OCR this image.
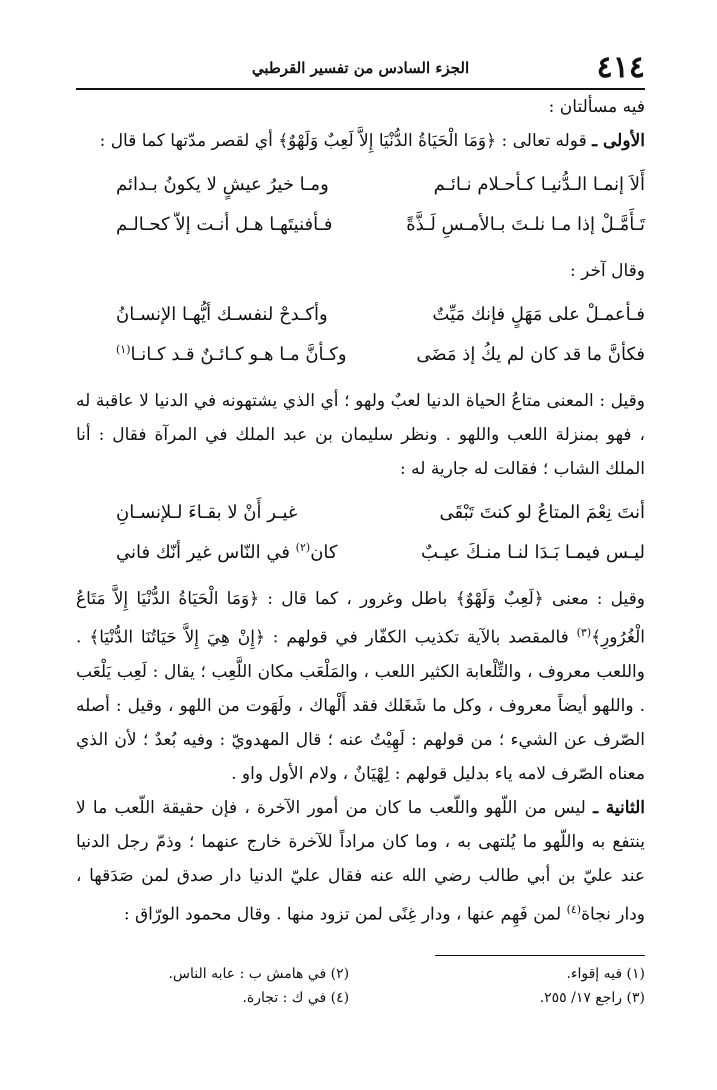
٤١٤
الجزء السادس من تفسير القرطبي

فيه مسألتان :

الأولى ـ قوله تعالى : ﴿وَمَا الْحَيَاةُ الدُّنْيَا إِلاَّ لَعِبٌ وَلَهْوٌ﴾ أي لقصر مدّتها كما قال :

أَلاَ إنمـا الـدُّنيـا كـأحـلام نـائـم
ومـا خيرُ عيشٍ لا يكونُ بـدائم
تَـأَمَّـلْ إذا مـا نلـتَ بـالأمـسِ لَـذَّةً
فـأفنيتَهـا هـل أنـت إلاّ كحـالـم

وقال آخر :

فـأعمـلْ على مَهَلٍ فإنك مَيِّتٌ
وأكـدحْ لنفسـك أيُّهـا الإنسـانُ
فكأنَّ ما قد كان لم يكُ إذ مَضَى
وكـأنَّ مـا هـو كـائـنٌ قـد كـانـا$^{(١)}$

وقيل : المعنى متاعُ الحياة الدنيا لعبٌ ولهو ؛ أي الذي يشتهونه في الدنيا لا عاقبة له ، فهو بمنزلة اللعب واللهو . ونظر سليمان بن عبد الملك في المرآة فقال : أنا الملك الشاب ؛ فقالت له جارية له :

أنتَ نِعْمَ المتاعُ لو كنتَ تَبْقَى
غيـر أَنْ لا بقـاءَ لـلإنسـانِ
ليـس فيمـا بَـدَا لنـا منـكَ عيـبٌ
كان$^{(٢)}$ في النّاس غير أنّك فاني

وقيل : معنى ﴿لَعِبٌ وَلَهْوٌ﴾ باطل وغرور ، كما قال : ﴿وَمَا الْحَيَاةُ الدُّنْيَا إِلاَّ مَتَاعُ الْغُرُورِ﴾$^{(٣)}$ فالمقصد بالآية تكذيب الكفّار في قولهم : ﴿إِنْ هِيَ إِلاَّ حَيَاتُنَا الدُّنْيَا﴾ . واللعب معروف ، والتِّلْعابة الكثير اللعب ، والمَلْعَب مكان اللَّعِب ؛ يقال : لَعِب يَلْعَب . واللهو أيضاً معروف ، وكل ما شَغَلك فقد أَلْهاك ، ولَهَوت من اللهو ، وقيل : أصله الصّرف عن الشيء ؛ من قولهم : لَهِيْتُ عنه ؛ قال المهدويّ : وفيه بُعدٌ ؛ لأن الذي معناه الصّرف لامه ياء بدليل قولهم : لِهْيَانٌ ، ولام الأول واو .

الثانية ـ ليس من اللّهو واللّعب ما كان من أمور الآخرة ، فإن حقيقة اللّعب ما لا ينتفع به واللّهو ما يُلتهى به ، وما كان مراداً للآخرة خارج عنهما ؛ وذمّ رجل الدنيا عند عليّ بن أبي طالب رضي الله عنه فقال عليّ الدنيا دار صدق لمن صَدَقها ، ودار نجاة$^{(٤)}$ لمن فَهِم عنها ، ودار غِنًى لمن تزود منها . وقال محمود الورّاق :

(١) فيه إقواء.
(٢) في هامش ب : عابه الناس.
(٣) راجع ١٧/ ٢٥٥.
(٤) في ك : تجارة.
